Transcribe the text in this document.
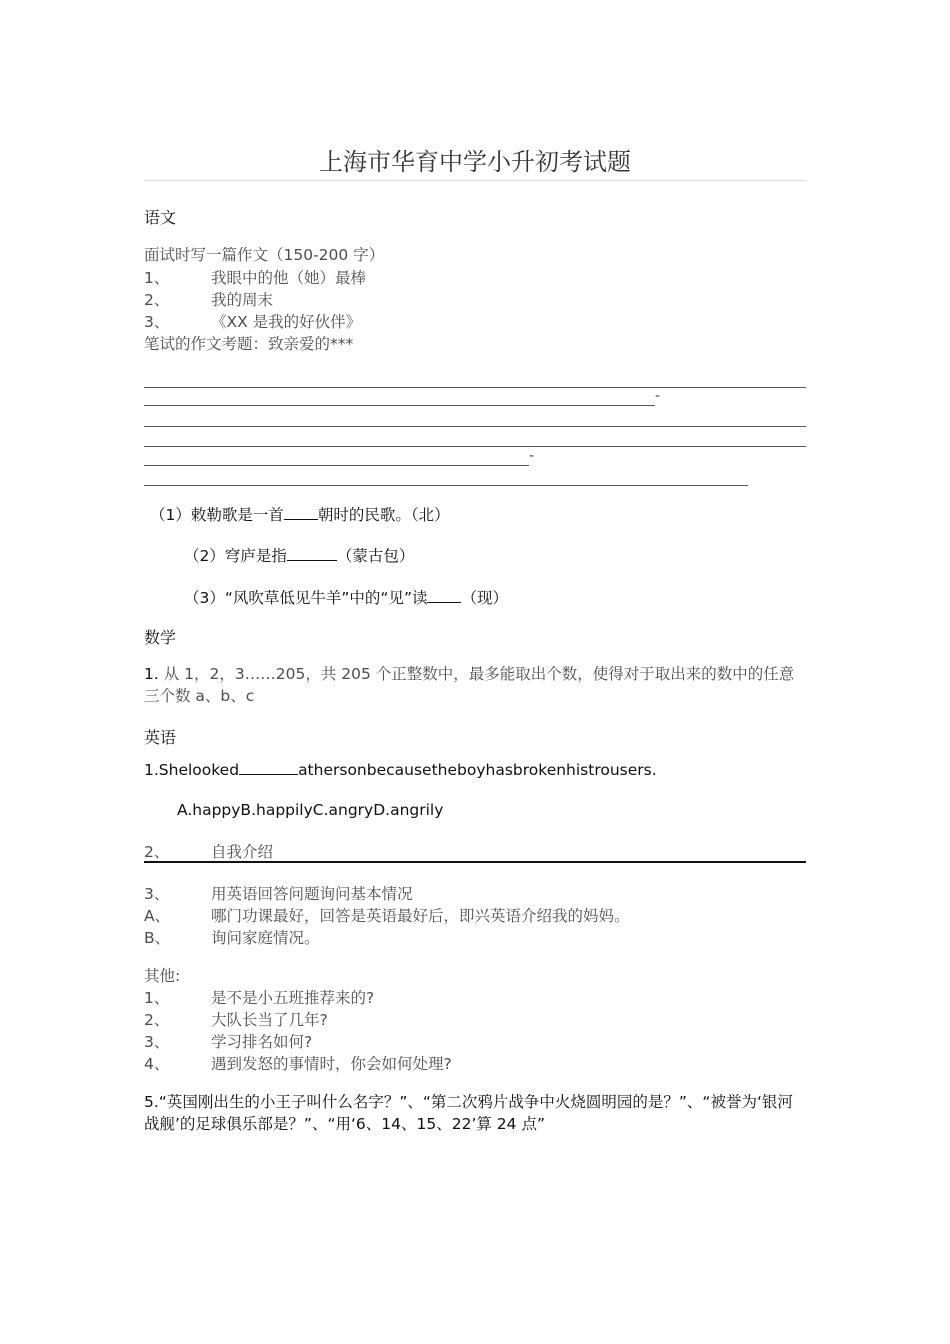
上海市华育中学小升初考试题
语文
面试时写一篇作文（150-200 字）
1、	我眼中的他（她）最棒
2、	我的周末
3、	《XX 是我的好伙伴》
笔试的作文考题：致亲爱的***
-
-
（1）敕勒歌是一首 朝时的民歌。（北）
（2）穹庐是指	（蒙古包）
（3）“风吹草低见牛羊”中的“见”读 （现）
数学
1. 从 1，2，3……205，共 205 个正整数中，最多能取出个数，使得对于取出来的数中的任意三个数 a、b、c
英语
1.Shelooked	athersonbecausetheboyhasbrokenhistrousers.
A.happyB.happilyC.angryD.angrily
2、	自我介绍
3、	用英语回答问题询问基本情况
A、	哪门功课最好，回答是英语最好后，即兴英语介绍我的妈妈。
B、	询问家庭情况。
其他:
1、	是不是小五班推荐来的?
2、	大队长当了几年?
3、	学习排名如何?
4、	遇到发怒的事情时，你会如何处理?
5.“英国刚出生的小王子叫什么名字？”、“第二次鸦片战争中火烧圆明园的是？”、“被誉为‘银河战舰’的足球俱乐部是？”、“用‘6、14、15、22’算 24 点”
